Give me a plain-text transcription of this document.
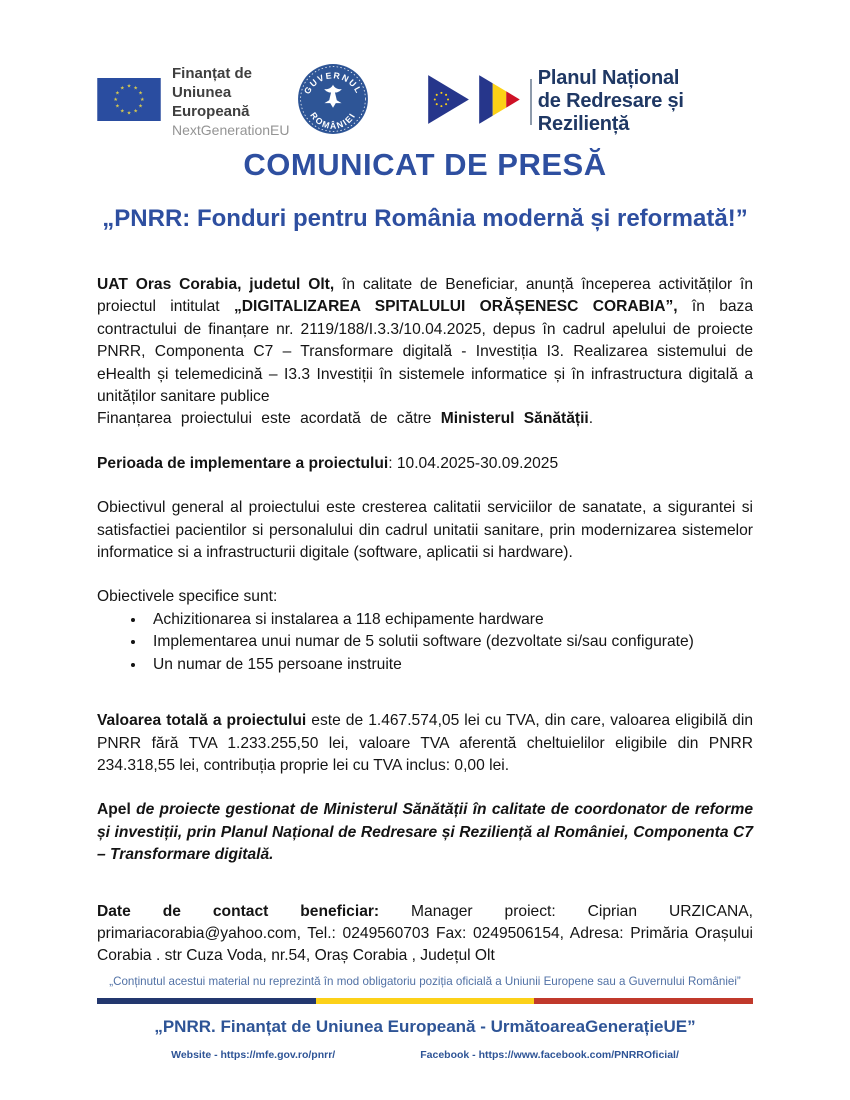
★ ★
★
★
★
★
★
★
★
★
★
★
Finanțat de
Uniunea Europeană
NextGenerationEU
GUVERNUL
ROMÂNIEI
Planul Național
de Redresare și Reziliență
COMUNICAT DE PRESĂ
„PNRR: Fonduri pentru România modernă și reformată!”

UAT Oras Corabia, judetul Olt, în calitate de Beneficiar, anunță începerea activităților în proiectul intitulat „DIGITALIZAREA SPITALULUI ORĂȘENESC CORABIA”, în baza contractului de finanțare nr. 2119/188/I.3.3/10.04.2025, depus în cadrul apelului de proiecte PNRR, Componenta C7 – Transformare digitală - Investiția I3. Realizarea sistemului de eHealth și telemedicină – I3.3 Investiții în sistemele informatice și în infrastructura digitală a unităților sanitare publice
Finanțarea proiectului este acordată de către Ministerul Sănătății.

Perioada de implementare a proiectului: 10.04.2025-30.09.2025

Obiectivul general al proiectului este cresterea calitatii serviciilor de sanatate, a sigurantei si satisfactiei pacientilor si personalului din cadrul unitatii sanitare, prin modernizarea sistemelor informatice si a infrastructurii digitale (software, aplicatii si hardware).

Obiectivele specifice sunt:

• Achizitionarea si instalarea a 118 echipamente hardware
• Implementarea unui numar de 5 solutii software (dezvoltate si/sau configurate)
• Un numar de 155 persoane instruite

Valoarea totală a proiectului este de 1.467.574,05 lei cu TVA, din care, valoarea eligibilă din PNRR fără TVA 1.233.255,50 lei, valoare TVA aferentă cheltuielilor eligibile din PNRR 234.318,55 lei, contribuția proprie lei cu TVA inclus: 0,00 lei.

Apel de proiecte gestionat de Ministerul Sănătății în calitate de coordonator de reforme și investiții, prin Planul Național de Redresare și Reziliență al României, Componenta C7 – Transformare digitală.

Date de contact beneficiar: Manager proiect: Ciprian URZICANA, primariacorabia@yahoo.com, Tel.: 0249560703 Fax: 0249506154, Adresa: Primăria Orașului Corabia . str Cuza Voda, nr.54, Oraș Corabia , Județul Olt

„Conținutul acestui material nu reprezintă în mod obligatoriu poziția oficială a Uniunii Europene sau a Guvernului României”
„PNRR. Finanțat de Uniunea Europeană - UrmătoareaGenerațieUE”
Website - https://mfe.gov.ro/pnrr/	Facebook - https://www.facebook.com/PNRROficial/
